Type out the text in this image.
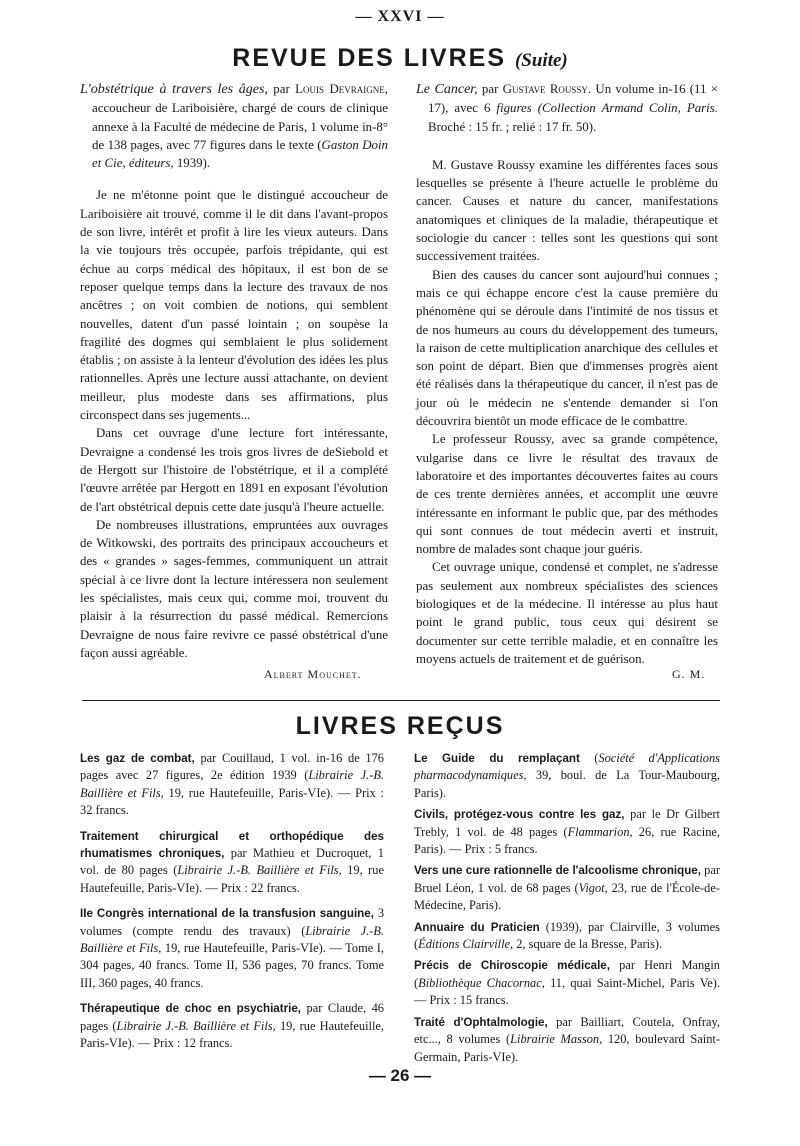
— XXVI —
REVUE DES LIVRES (Suite)

L'obstétrique à travers les âges, par Louis Devraigne, accoucheur de Lariboisière, chargé de cours de clinique annexe à la Faculté de médecine de Paris, 1 volume in-8° de 138 pages, avec 77 figures dans le texte (Gaston Doin et Cie, éditeurs, 1939).

Je ne m'étonne point que le distingué accoucheur de Lariboisière ait trouvé, comme il le dit dans l'avant-propos de son livre, intérêt et profit à lire les vieux auteurs. Dans la vie toujours très occupée, parfois trépidante, qui est échue au corps médical des hôpitaux, il est bon de se reposer quelque temps dans la lecture des travaux de nos ancêtres ; on voit combien de notions, qui semblent nouvelles, datent d'un passé lointain ; on soupèse la fragilité des dogmes qui semblaient le plus solidement établis ; on assiste à la lenteur d'évolution des idées les plus rationnelles. Après une lecture aussi attachante, on devient meilleur, plus modeste dans ses affirmations, plus circonspect dans ses jugements...

Dans cet ouvrage d'une lecture fort intéressante, Devraigne a condensé les trois gros livres de deSiebold et de Hergott sur l'histoire de l'obstétrique, et il a complété l'œuvre arrêtée par Hergott en 1891 en exposant l'évolution de l'art obstétrical depuis cette date jusqu'à l'heure actuelle.

De nombreuses illustrations, empruntées aux ouvrages de Witkowski, des portraits des principaux accoucheurs et des « grandes » sages-femmes, communiquent un attrait spécial à ce livre dont la lecture intéressera non seulement les spécialistes, mais ceux qui, comme moi, trouvent du plaisir à la résurrection du passé médical. Remercions Devraigne de nous faire revivre ce passé obstétrical d'une façon aussi agréable.

Le Cancer, par Gustave Roussy. Un volume in-16 (11 × 17), avec 6 figures (Collection Armand Colin, Paris. Broché : 15 fr. ; relié : 17 fr. 50).

M. Gustave Roussy examine les différentes faces sous lesquelles se présente à l'heure actuelle le problème du cancer. Causes et nature du cancer, manifestations anatomiques et cliniques de la maladie, thérapeutique et sociologie du cancer : telles sont les questions qui sont successivement traitées.

Bien des causes du cancer sont aujourd'hui connues ; mais ce qui échappe encore c'est la cause première du phénomène qui se déroule dans l'intimité de nos tissus et de nos humeurs au cours du développement des tumeurs, la raison de cette multiplication anarchique des cellules et son point de départ. Bien que d'immenses progrès aient été réalisés dans la thérapeutique du cancer, il n'est pas de jour où le médecin ne s'entende demander si l'on découvrira bientôt un mode efficace de le combattre.

Le professeur Roussy, avec sa grande compétence, vulgarise dans ce livre le résultat des travaux de laboratoire et des importantes découvertes faites au cours de ces trente dernières années, et accomplit une œuvre intéressante en informant le public que, par des méthodes qui sont connues de tout médecin averti et instruit, nombre de malades sont chaque jour guéris.

Cet ouvrage unique, condensé et complet, ne s'adresse pas seulement aux nombreux spécialistes des sciences biologiques et de la médecine. Il intéresse au plus haut point le grand public, tous ceux qui désirent se documenter sur cette terrible maladie, et en connaître les moyens actuels de traitement et de guérison.

Albert Mouchet.	G. M.
LIVRES REÇUS
Les gaz de combat, par Couillaud, 1 vol. in-16 de 176 pages avec 27 figures, 2e édition 1939 (Librairie J.-B. Baillière et Fils, 19, rue Hautefeuille, Paris-VIe). — Prix : 32 francs.
Traitement chirurgical et orthopédique des rhumatismes chroniques, par Mathieu et Ducroquet, 1 vol. de 80 pages (Librairie J.-B. Baillière et Fils, 19, rue Hautefeuille, Paris-VIe). — Prix : 22 francs.
IIe Congrès international de la transfusion sanguine, 3 volumes (compte rendu des travaux) (Librairie J.-B. Baillière et Fils, 19, rue Hautefeuille, Paris-VIe). — Tome I, 304 pages, 40 francs. Tome II, 536 pages, 70 francs. Tome III, 360 pages, 40 francs.
Thérapeutique de choc en psychiatrie, par Claude, 46 pages (Librairie J.-B. Baillière et Fils, 19, rue Hautefeuille, Paris-VIe). — Prix : 12 francs.
Le Guide du remplaçant (Société d'Applications pharmacodynamiques, 39, boul. de La Tour-Maubourg, Paris).
Civils, protégez-vous contre les gaz, par le Dr Gilbert Trebly, 1 vol. de 48 pages (Flammarion, 26, rue Racine, Paris). — Prix : 5 francs.
Vers une cure rationnelle de l'alcoolisme chronique, par Bruel Léon, 1 vol. de 68 pages (Vigot, 23, rue de l'École-de-Médecine, Paris).
Annuaire du Praticien (1939), par Clairville, 3 volumes (Éditions Clairville, 2, square de la Bresse, Paris).
Précis de Chiroscopie médicale, par Henri Mangin (Bibliothèque Chacornac, 11, quai Saint-Michel, Paris Ve). — Prix : 15 francs.
Traité d'Ophtalmologie, par Bailliart, Coutela, Onfray, etc..., 8 volumes (Librairie Masson, 120, boulevard Saint-Germain, Paris-VIe).
— 26 —
